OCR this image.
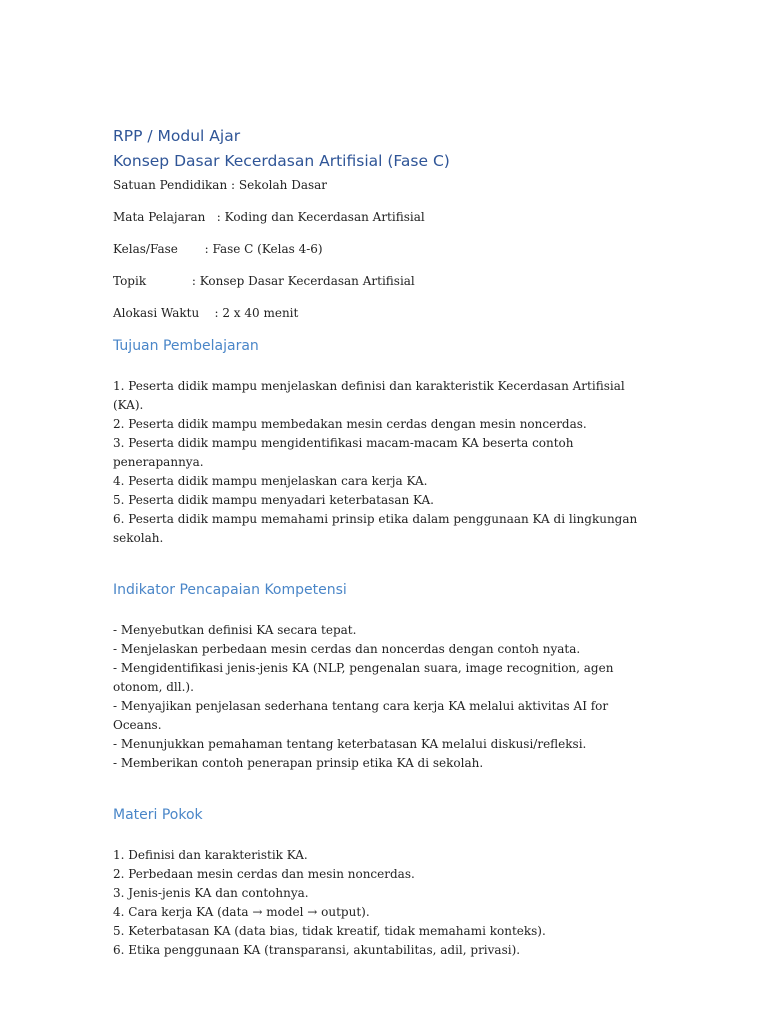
RPP / Modul Ajar
Konsep Dasar Kecerdasan Artifisial (Fase C)

Satuan Pendidikan : Sekolah Dasar

Mata Pelajaran : Koding dan Kecerdasan Artifisial

Kelas/Fase : Fase C (Kelas 4-6)

Topik : Konsep Dasar Kecerdasan Artifisial

Alokasi Waktu : 2 x 40 menit

Tujuan Pembelajaran
1. Peserta didik mampu menjelaskan definisi dan karakteristik Kecerdasan Artifisial (KA).
2. Peserta didik mampu membedakan mesin cerdas dengan mesin noncerdas.
3. Peserta didik mampu mengidentifikasi macam-macam KA beserta contoh penerapannya.
4. Peserta didik mampu menjelaskan cara kerja KA.
5. Peserta didik mampu menyadari keterbatasan KA.
6. Peserta didik mampu memahami prinsip etika dalam penggunaan KA di lingkungan sekolah.
Indikator Pencapaian Kompetensi
- Menyebutkan definisi KA secara tepat.
- Menjelaskan perbedaan mesin cerdas dan noncerdas dengan contoh nyata.
- Mengidentifikasi jenis-jenis KA (NLP, pengenalan suara, image recognition, agen otonom, dll.).
- Menyajikan penjelasan sederhana tentang cara kerja KA melalui aktivitas AI for Oceans.
- Menunjukkan pemahaman tentang keterbatasan KA melalui diskusi/refleksi.
- Memberikan contoh penerapan prinsip etika KA di sekolah.
Materi Pokok
1. Definisi dan karakteristik KA.
2. Perbedaan mesin cerdas dan mesin noncerdas.
3. Jenis-jenis KA dan contohnya.
4. Cara kerja KA (data → model → output).
5. Keterbatasan KA (data bias, tidak kreatif, tidak memahami konteks).
6. Etika penggunaan KA (transparansi, akuntabilitas, adil, privasi).
